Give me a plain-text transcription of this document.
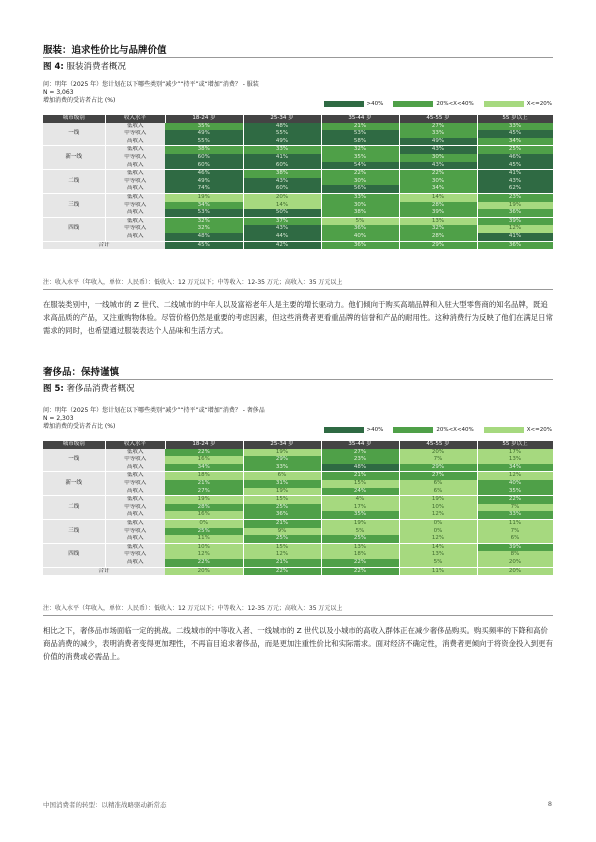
服装：追求性价比与品牌价值
图 4: 服装消费者概况
问：明年（2025 年）您计划在以下哪些类别“减少”“持平”或“增加”消费？ - 服装
N = 3,063
增加消费的受访者占比 (%)	>40%	20%<X<40%	X<=20%
城市级别	收入水平	18-24 岁	25-34 岁	35-44 岁	45-55 岁	55 岁以上
一线	低收入	35%	48%	21%	27%	33%
	中等收入	49%	55%	53%	33%	45%
	高收入	55%	49%	58%	49%	34%
新一线	低收入	38%	33%	32%	43%	25%
	中等收入	60%	41%	35%	30%	46%
	高收入	60%	60%	54%	43%	45%
二线	低收入	46%	38%	22%	22%	41%
	中等收入	49%	43%	30%	30%	43%
	高收入	74%	60%	56%	34%	62%
三线	低收入	19%	20%	33%	14%	23%
	中等收入	34%	14%	30%	28%	19%
	高收入	53%	50%	38%	39%	36%
四线	低收入	32%	37%	5%	13%	39%
	中等收入	32%	43%	36%	32%	12%
	高收入	48%	44%	40%	28%	41%
合计		45%	42%	36%	29%	36%
注：收入水平（年收入，单位：人民币）：低收入：12 万元以下；中等收入：12-35 万元；高收入：35 万元以上
在服装类别中，一线城市的 Z 世代、二线城市的中年人以及富裕老年人是主要的增长驱动力。他们倾向于购买高端品牌和入驻大型零售商的知名品牌，既追求高品质的产品，又注重购物体验。尽管价格仍然是重要的考虑因素，但这些消费者更看重品牌的信誉和产品的耐用性。这种消费行为反映了他们在满足日常需求的同时，也希望通过服装表达个人品味和生活方式。
奢侈品：保持谨慎
图 5: 奢侈品消费者概况
问：明年（2025 年）您计划在以下哪些类别“减少”“持平”或“增加”消费？ - 奢侈品
N = 2,303
增加消费的受访者占比 (%)	>40%	20%<X<40%	X<=20%
城市级别	收入水平	18-24 岁	25-34 岁	35-44 岁	45-55 岁	55 岁以上
一线	低收入	22%	19%	27%	20%	17%
	中等收入	16%	29%	23%	7%	13%
	高收入	34%	33%	48%	29%	34%
新一线	低收入	18%	6%	21%	27%	12%
	中等收入	21%	31%	15%	6%	40%
	高收入	27%	19%	24%	6%	35%
二线	低收入	19%	15%	4%	19%	22%
	中等收入	28%	25%	17%	10%	7%
	高收入	16%	36%	35%	12%	33%
三线	低收入	0%	21%	19%	0%	11%
	中等收入	25%	9%	5%	0%	7%
	高收入	11%	25%	25%	12%	6%
四线	低收入	10%	15%	13%	14%	39%
	中等收入	12%	12%	18%	13%	8%
	高收入	22%	21%	22%	5%	20%
合计		20%	22%	22%	11%	20%
注：收入水平（年收入，单位：人民币）：低收入：12 万元以下；中等收入：12-35 万元；高收入：35 万元以上
相比之下，奢侈品市场面临一定的挑战。二线城市的中等收入者、一线城市的 Z 世代以及小城市的高收入群体正在减少奢侈品购买。购买频率的下降和高价商品消费的减少，表明消费者变得更加理性，不再盲目追求奢侈品，而是更加注重性价比和实际需求。面对经济不确定性，消费者更倾向于将资金投入到更有价值的消费或必需品上。
中国消费者的转型：以精准战略驱动新常态	8
